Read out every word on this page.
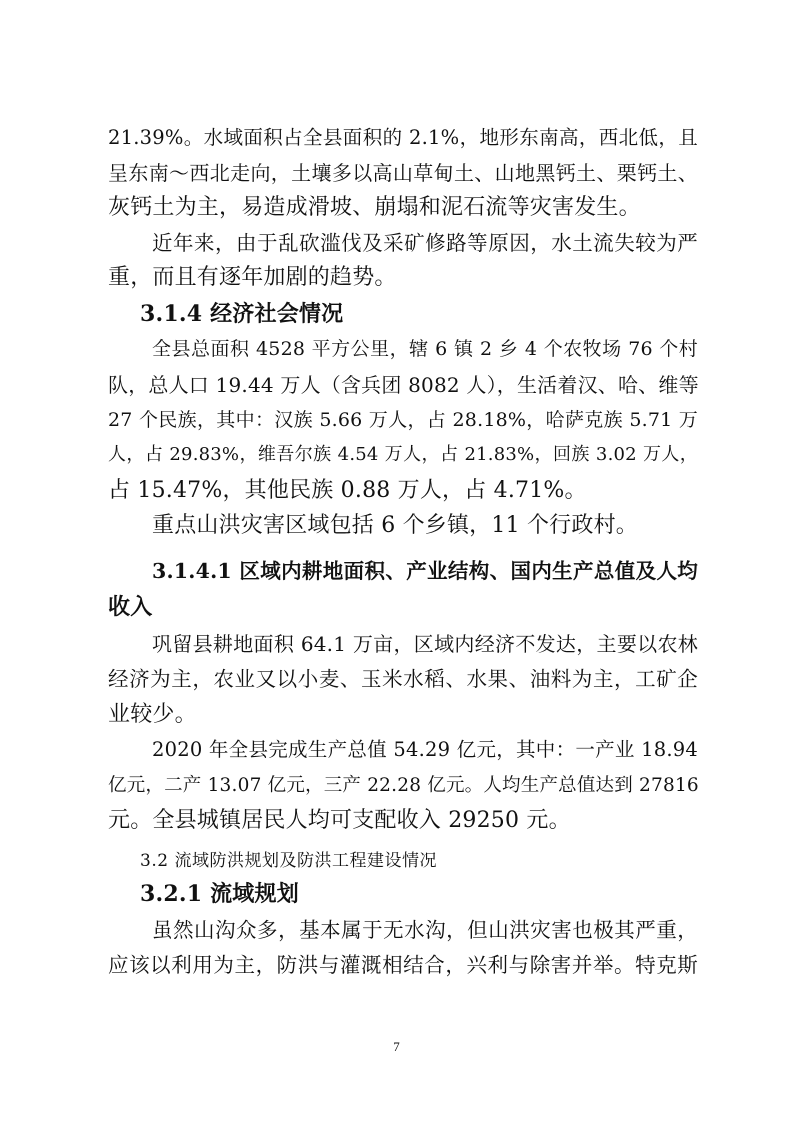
21.39%。水域面积占全县面积的 2.1%，地形东南高，西北低，且
呈东南～西北走向，土壤多以高山草甸土、山地黑钙土、栗钙土、
灰钙土为主，易造成滑坡、崩塌和泥石流等灾害发生。
近年来，由于乱砍滥伐及采矿修路等原因，水土流失较为严
重，而且有逐年加剧的趋势。
3.1.4 经济社会情况
全县总面积 4528 平方公里，辖 6 镇 2 乡 4 个农牧场 76 个村
队，总人口 19.44 万人（含兵团 8082 人），生活着汉、哈、维等
27 个民族，其中：汉族 5.66 万人，占 28.18%，哈萨克族 5.71 万
人，占 29.83%，维吾尔族 4.54 万人，占 21.83%，回族 3.02 万人，
占 15.47%，其他民族 0.88 万人，占 4.71%。
重点山洪灾害区域包括 6 个乡镇，11 个行政村。
3.1.4.1 区域内耕地面积、产业结构、国内生产总值及人均
收入
巩留县耕地面积 64.1 万亩，区域内经济不发达，主要以农林
经济为主，农业又以小麦、玉米水稻、水果、油料为主，工矿企
业较少。
2020 年全县完成生产总值 54.29 亿元，其中：一产业 18.94
亿元，二产 13.07 亿元，三产 22.28 亿元。人均生产总值达到 27816
元。全县城镇居民人均可支配收入 29250 元。
3.2 流域防洪规划及防洪工程建设情况
3.2.1 流域规划
虽然山沟众多，基本属于无水沟，但山洪灾害也极其严重，
应该以利用为主，防洪与灌溉相结合，兴利与除害并举。特克斯
7
